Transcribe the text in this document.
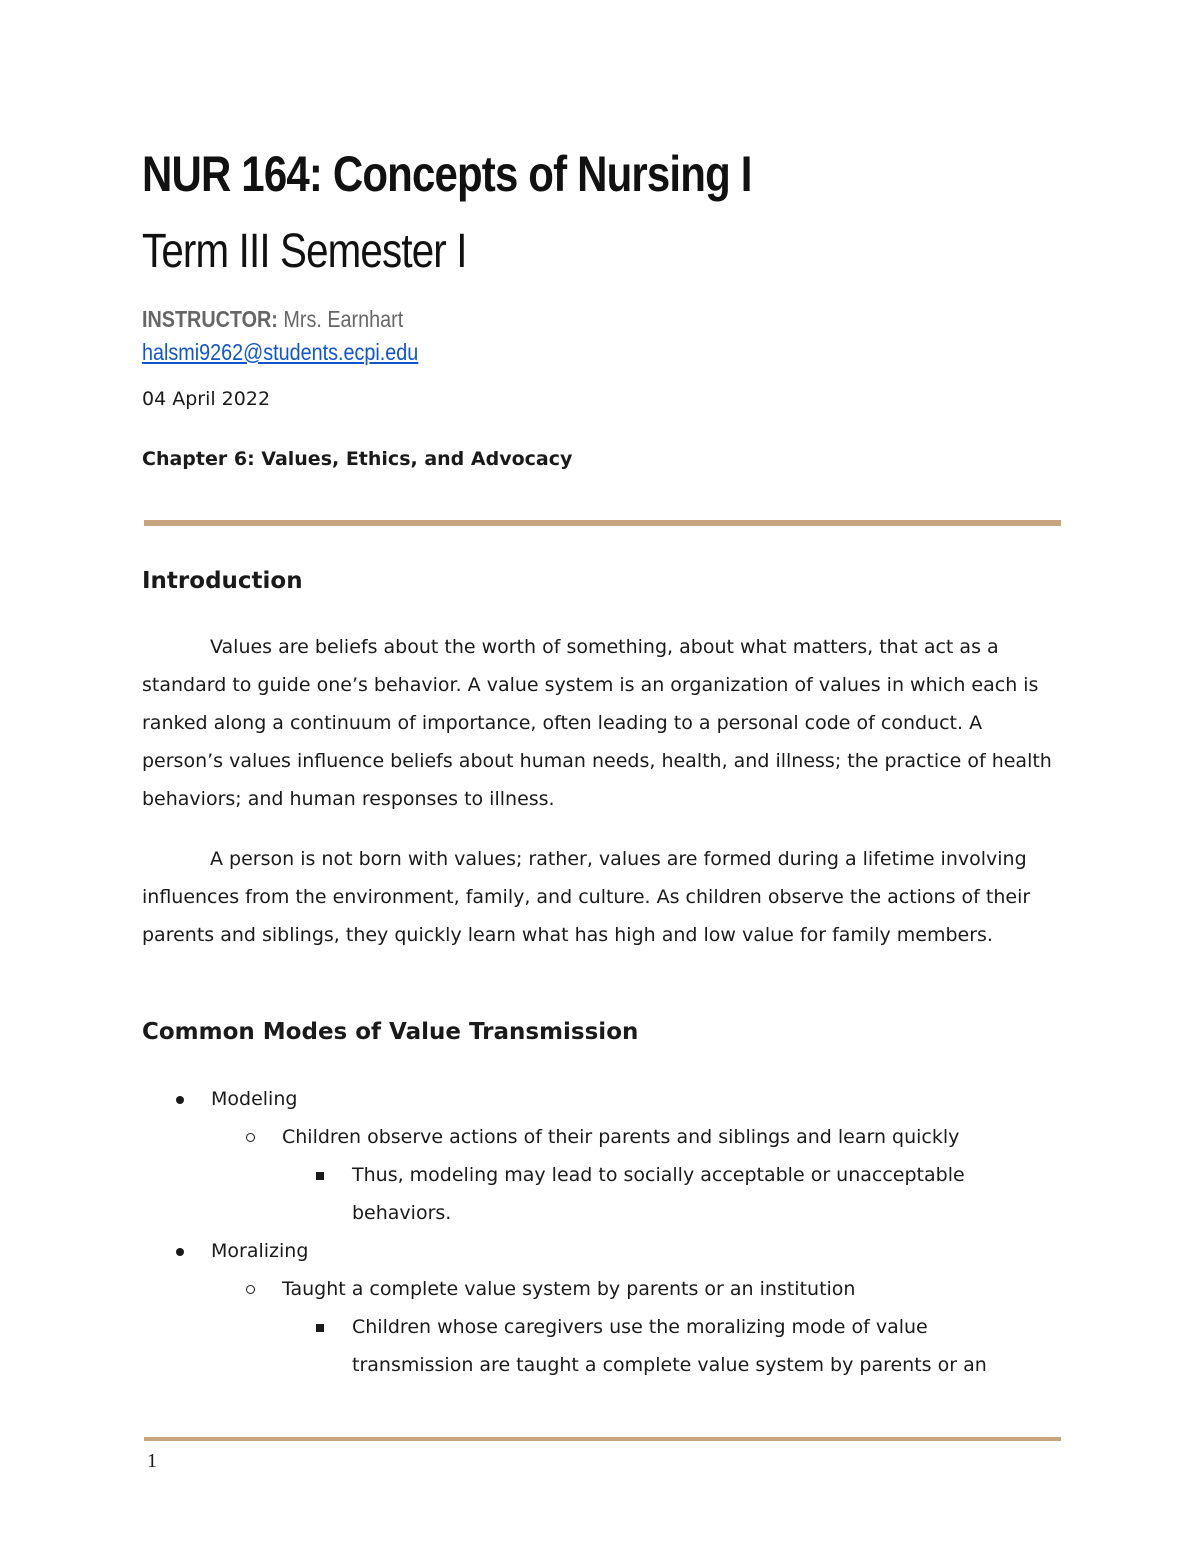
NUR 164: Concepts of Nursing I
Term III Semester I
INSTRUCTOR: Mrs. Earnhart
halsmi9262@students.ecpi.edu
04 April 2022
Chapter 6: Values, Ethics, and Advocacy
Introduction

Values are beliefs about the worth of something, about what matters, that act as a standard to guide one’s behavior. A value system is an organization of values in which each is ranked along a continuum of importance, often leading to a personal code of conduct. A person’s values influence beliefs about human needs, health, and illness; the practice of health behaviors; and human responses to illness.

A person is not born with values; rather, values are formed during a lifetime involving influences from the environment, family, and culture. As children observe the actions of their parents and siblings, they quickly learn what has high and low value for family members.

Common Modes of Value Transmission
Modeling
Children observe actions of their parents and siblings and learn quickly
Thus, modeling may lead to socially acceptable or unacceptable behaviors.
Moralizing
Taught a complete value system by parents or an institution
Children whose caregivers use the moralizing mode of value transmission are taught a complete value system by parents or an
1
